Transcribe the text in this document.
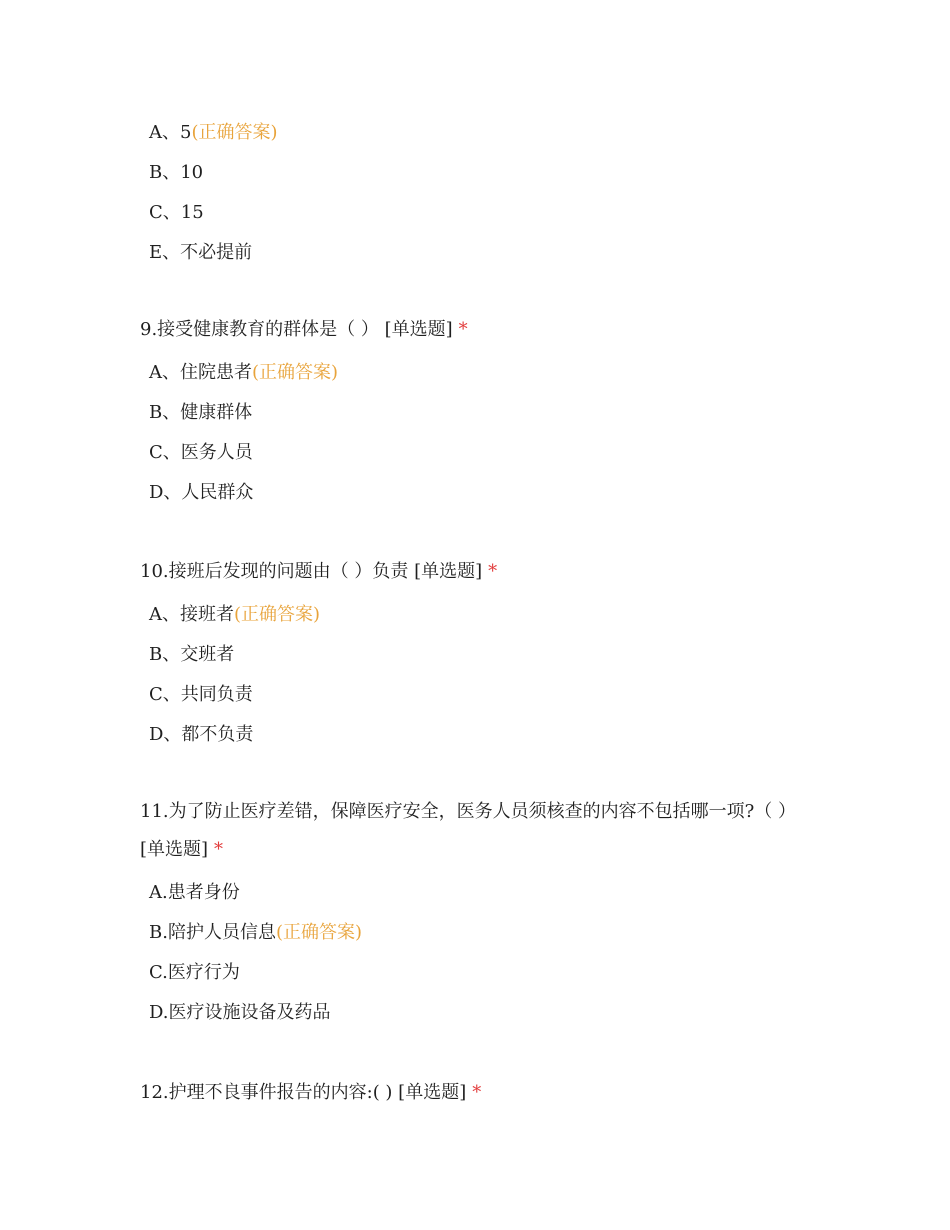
A、5(正确答案)
B、10
C、15
E、不必提前

9.接受健康教育的群体是（ ） [单选题] *

A、住院患者(正确答案)
B、健康群体
C、医务人员
D、人民群众

10.接班后发现的问题由（ ）负责 [单选题] *

A、接班者(正确答案)
B、交班者
C、共同负责
D、都不负责

11.为了防止医疗差错，保障医疗安全，医务人员须核查的内容不包括哪一项?（ ）[单选题] *

A.患者身份
B.陪护人员信息(正确答案)
C.医疗行为
D.医疗设施设备及药品

12.护理不良事件报告的内容:( ) [单选题] *
